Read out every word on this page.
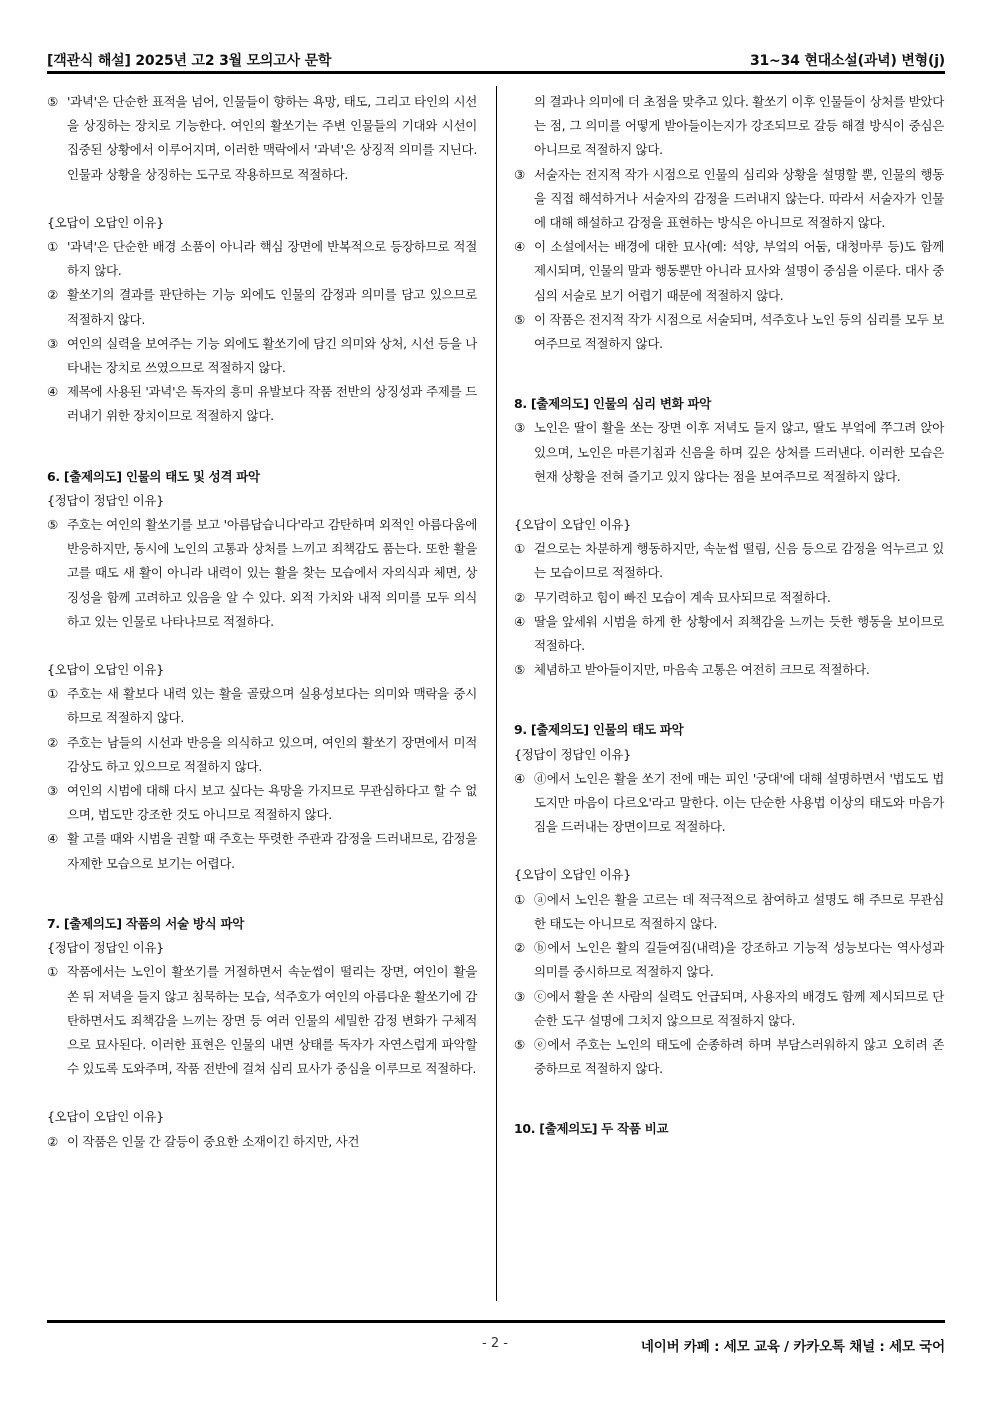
[객관식 해설] 2025년 고2 3월 모의고사 문학	31~34 현대소설(과녁) 변형(j)
⑤ '과녁'은 단순한 표적을 넘어, 인물들이 향하는 욕망, 태도, 그리고 타인의 시선을 상징하는 장치로 기능한다. 여인의 활쏘기는 주변 인물들의 기대와 시선이 집중된 상황에서 이루어지며, 이러한 맥락에서 '과녁'은 상징적 의미를 지닌다. 인물과 상황을 상징하는 도구로 작용하므로 적절하다.
{오답이 오답인 이유}
① '과녁'은 단순한 배경 소품이 아니라 핵심 장면에 반복적으로 등장하므로 적절하지 않다.
② 활쏘기의 결과를 판단하는 기능 외에도 인물의 감정과 의미를 담고 있으므로 적절하지 않다.
③ 여인의 실력을 보여주는 기능 외에도 활쏘기에 담긴 의미와 상처, 시선 등을 나타내는 장치로 쓰였으므로 적절하지 않다.
④ 제목에 사용된 '과녁'은 독자의 흥미 유발보다 작품 전반의 상징성과 주제를 드러내기 위한 장치이므로 적절하지 않다.
6. [출제의도] 인물의 태도 및 성격 파악
{정답이 정답인 이유}
⑤ 주호는 여인의 활쏘기를 보고 '아름답습니다'라고 감탄하며 외적인 아름다움에 반응하지만, 동시에 노인의 고통과 상처를 느끼고 죄책감도 품는다. 또한 활을 고를 때도 새 활이 아니라 내력이 있는 활을 찾는 모습에서 자의식과 체면, 상징성을 함께 고려하고 있음을 알 수 있다. 외적 가치와 내적 의미를 모두 의식하고 있는 인물로 나타나므로 적절하다.
{오답이 오답인 이유}
① 주호는 새 활보다 내력 있는 활을 골랐으며 실용성보다는 의미와 맥락을 중시하므로 적절하지 않다.
② 주호는 남들의 시선과 반응을 의식하고 있으며, 여인의 활쏘기 장면에서 미적 감상도 하고 있으므로 적절하지 않다.
③ 여인의 시범에 대해 다시 보고 싶다는 욕망을 가지므로 무관심하다고 할 수 없으며, 법도만 강조한 것도 아니므로 적절하지 않다.
④ 활 고를 때와 시범을 권할 때 주호는 뚜렷한 주관과 감정을 드러내므로, 감정을 자제한 모습으로 보기는 어렵다.
7. [출제의도] 작품의 서술 방식 파악
{정답이 정답인 이유}
① 작품에서는 노인이 활쏘기를 거절하면서 속눈썹이 떨리는 장면, 여인이 활을 쏜 뒤 저녁을 들지 않고 침묵하는 모습, 석주호가 여인의 아름다운 활쏘기에 감탄하면서도 죄책감을 느끼는 장면 등 여러 인물의 세밀한 감정 변화가 구체적으로 묘사된다. 이러한 표현은 인물의 내면 상태를 독자가 자연스럽게 파악할 수 있도록 도와주며, 작품 전반에 걸쳐 심리 묘사가 중심을 이루므로 적절하다.
{오답이 오답인 이유}
② 이 작품은 인물 간 갈등이 중요한 소재이긴 하지만, 사건
의 결과나 의미에 더 초점을 맞추고 있다. 활쏘기 이후 인물들이 상처를 받았다는 점, 그 의미를 어떻게 받아들이는지가 강조되므로 갈등 해결 방식이 중심은 아니므로 적절하지 않다.
③ 서술자는 전지적 작가 시점으로 인물의 심리와 상황을 설명할 뿐, 인물의 행동을 직접 해석하거나 서술자의 감정을 드러내지 않는다. 따라서 서술자가 인물에 대해 해설하고 감정을 표현하는 방식은 아니므로 적절하지 않다.
④ 이 소설에서는 배경에 대한 묘사(예: 석양, 부엌의 어둠, 대청마루 등)도 함께 제시되며, 인물의 말과 행동뿐만 아니라 묘사와 설명이 중심을 이룬다. 대사 중심의 서술로 보기 어렵기 때문에 적절하지 않다.
⑤ 이 작품은 전지적 작가 시점으로 서술되며, 석주호나 노인 등의 심리를 모두 보여주므로 적절하지 않다.
8. [출제의도] 인물의 심리 변화 파악
③ 노인은 딸이 활을 쏘는 장면 이후 저녁도 들지 않고, 딸도 부엌에 쭈그려 앉아 있으며, 노인은 마른기침과 신음을 하며 깊은 상처를 드러낸다. 이러한 모습은 현재 상황을 전혀 즐기고 있지 않다는 점을 보여주므로 적절하지 않다.
{오답이 오답인 이유}
① 겉으로는 차분하게 행동하지만, 속눈썹 떨림, 신음 등으로 감정을 억누르고 있는 모습이므로 적절하다.
② 무기력하고 힘이 빠진 모습이 계속 묘사되므로 적절하다.
④ 딸을 앞세워 시범을 하게 한 상황에서 죄책감을 느끼는 듯한 행동을 보이므로 적절하다.
⑤ 체념하고 받아들이지만, 마음속 고통은 여전히 크므로 적절하다.
9. [출제의도] 인물의 태도 파악
{정답이 정답인 이유}
④ ⓓ에서 노인은 활을 쏘기 전에 매는 피인 '궁대'에 대해 설명하면서 '법도도 법도지만 마음이 다르오'라고 말한다. 이는 단순한 사용법 이상의 태도와 마음가짐을 드러내는 장면이므로 적절하다.
{오답이 오답인 이유}
① ⓐ에서 노인은 활을 고르는 데 적극적으로 참여하고 설명도 해 주므로 무관심한 태도는 아니므로 적절하지 않다.
② ⓑ에서 노인은 활의 길들여짐(내력)을 강조하고 기능적 성능보다는 역사성과 의미를 중시하므로 적절하지 않다.
③ ⓒ에서 활을 쏜 사람의 실력도 언급되며, 사용자의 배경도 함께 제시되므로 단순한 도구 설명에 그치지 않으므로 적절하지 않다.
⑤ ⓔ에서 주호는 노인의 태도에 순종하려 하며 부담스러워하지 않고 오히려 존중하므로 적절하지 않다.
10. [출제의도] 두 작품 비교
- 2 -	네이버 카페 : 세모 교육 / 카카오톡 채널 : 세모 국어
